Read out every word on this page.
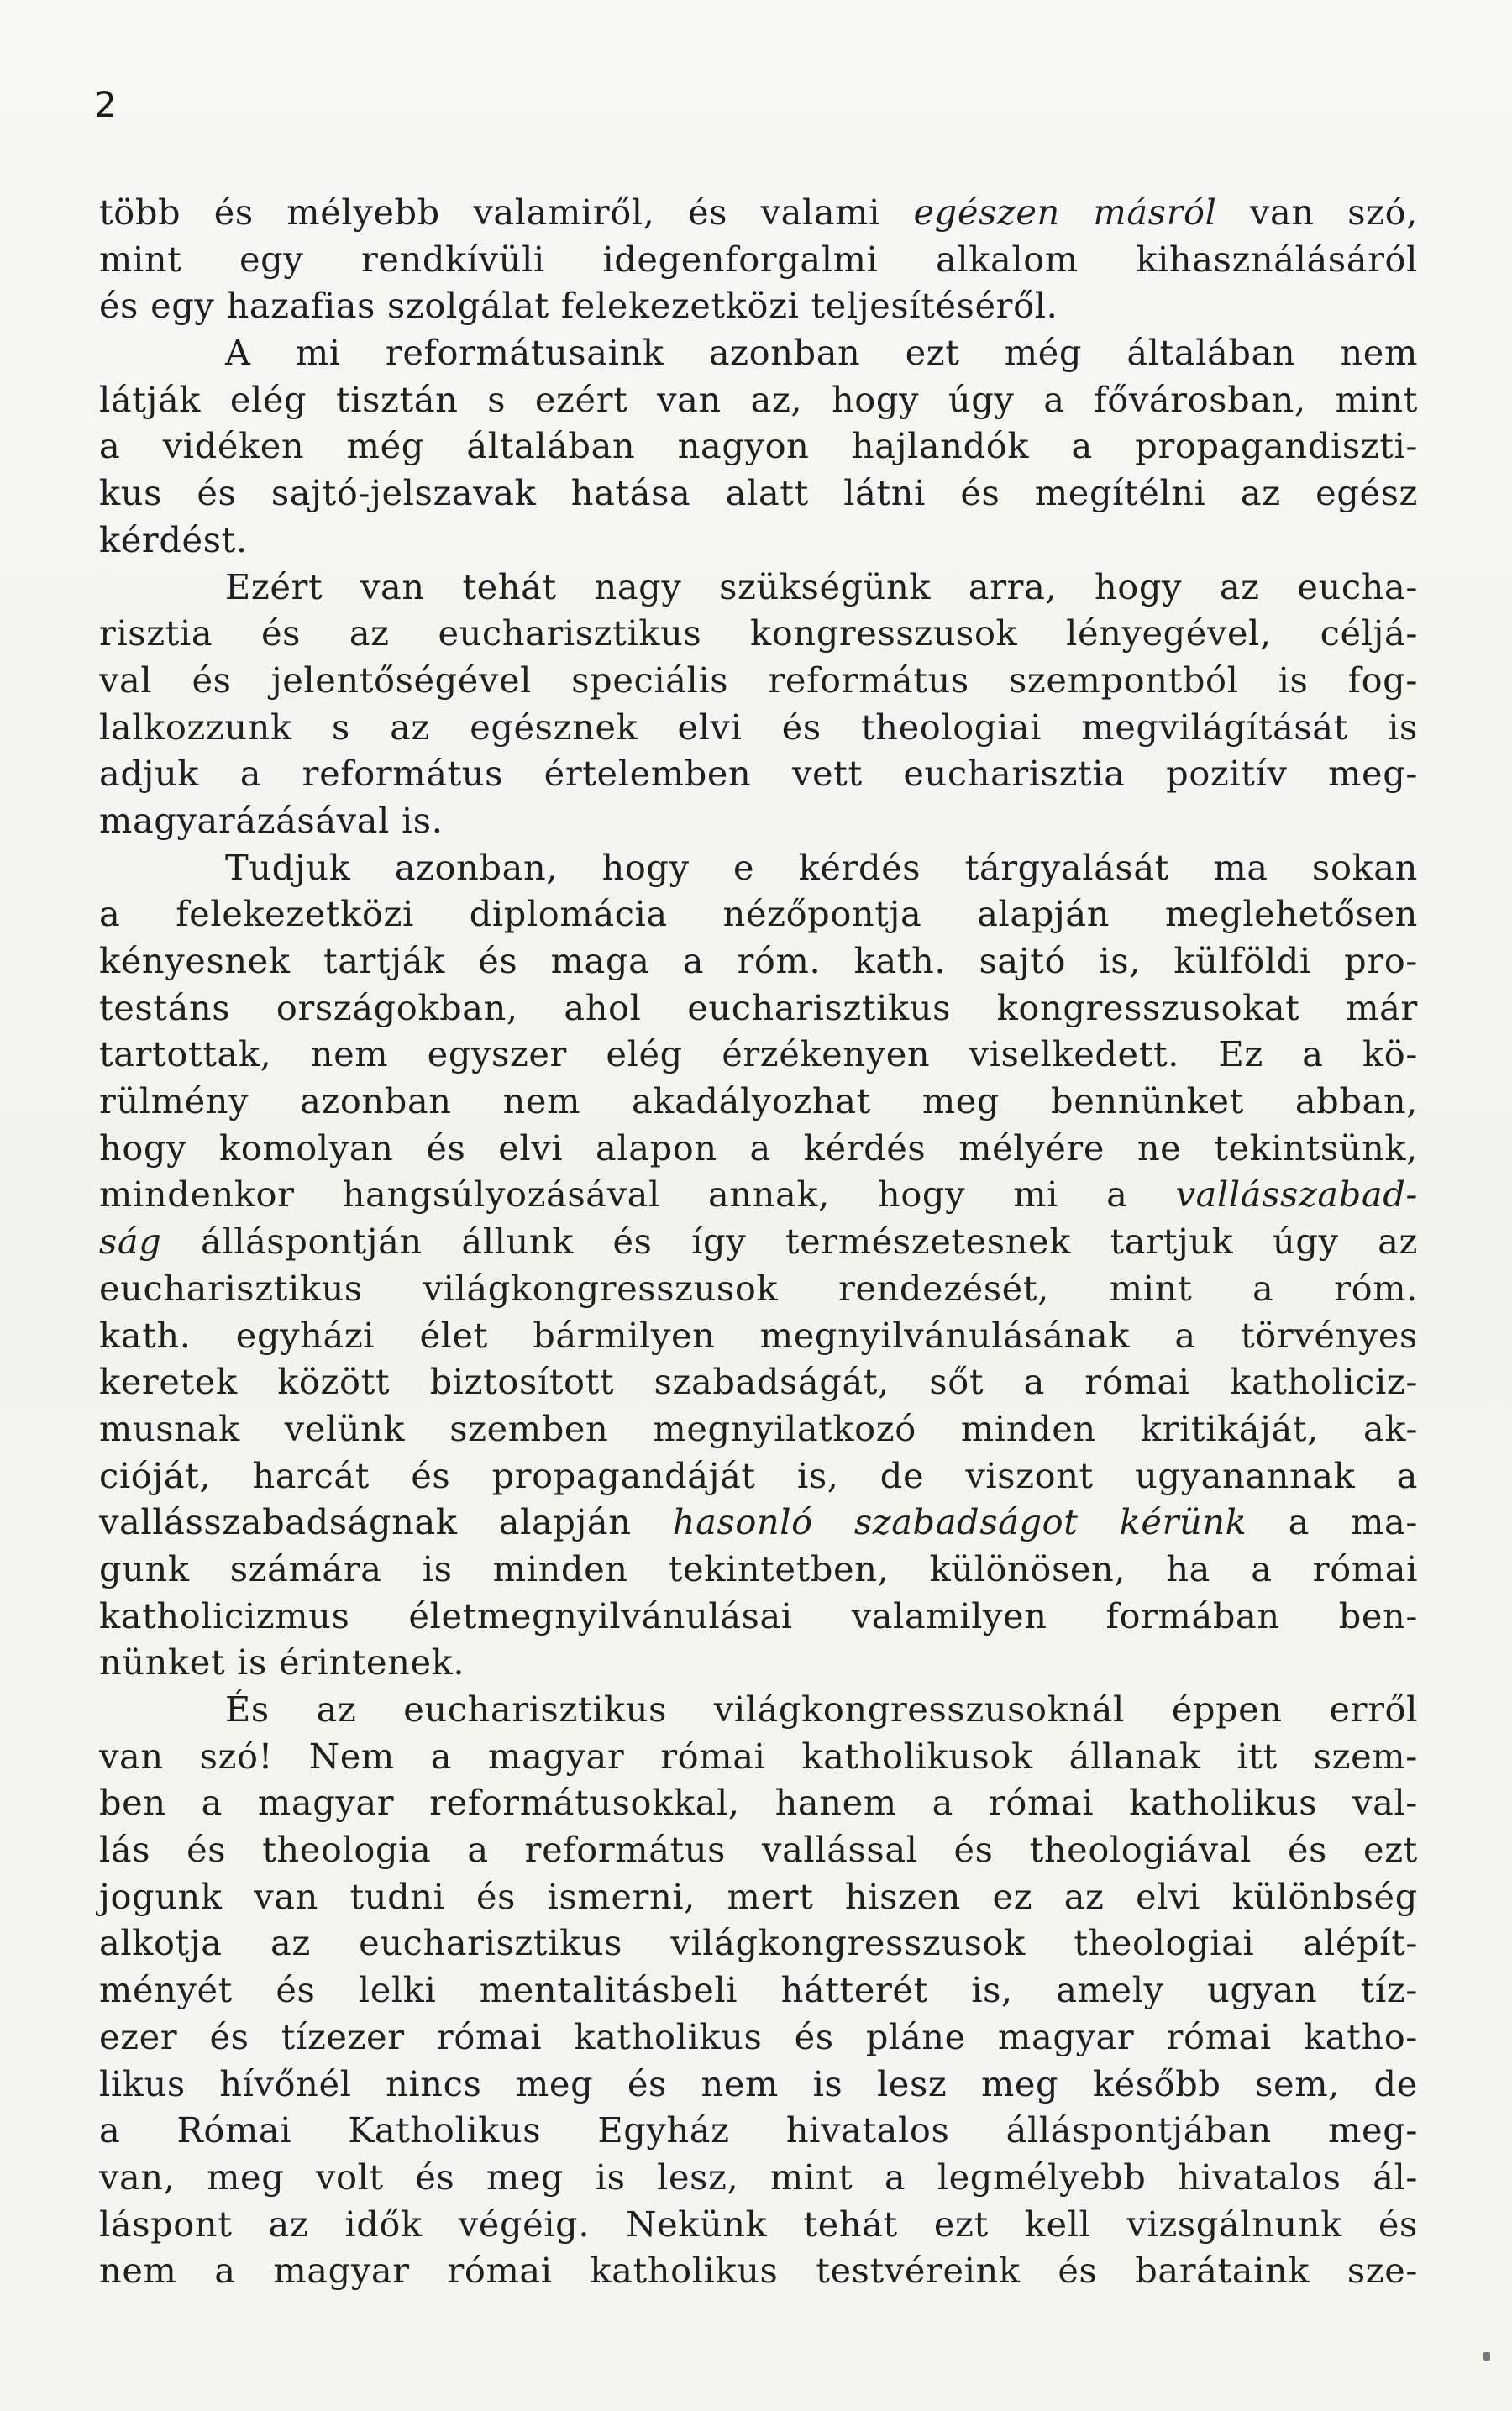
2
több és mélyebb valamiről, és valami egészen másról van szó,
mint egy rendkívüli idegenforgalmi alkalom kihasználásáról
és egy hazafias szolgálat felekezetközi teljesítéséről.
A mi reformátusaink azonban ezt még általában nem
látják elég tisztán s ezért van az, hogy úgy a fővárosban, mint
a vidéken még általában nagyon hajlandók a propagandiszti-
kus és sajtó-jelszavak hatása alatt látni és megítélni az egész
kérdést.
Ezért van tehát nagy szükségünk arra, hogy az eucha-
risztia és az eucharisztikus kongresszusok lényegével, céljá-
val és jelentőségével speciális református szempontból is fog-
lalkozzunk s az egésznek elvi és theologiai megvilágítását is
adjuk a református értelemben vett eucharisztia pozitív meg-
magyarázásával is.
Tudjuk azonban, hogy e kérdés tárgyalását ma sokan
a felekezetközi diplomácia nézőpontja alapján meglehetősen
kényesnek tartják és maga a róm. kath. sajtó is, külföldi pro-
testáns országokban, ahol eucharisztikus kongresszusokat már
tartottak, nem egyszer elég érzékenyen viselkedett. Ez a kö-
rülmény azonban nem akadályozhat meg bennünket abban,
hogy komolyan és elvi alapon a kérdés mélyére ne tekintsünk,
mindenkor hangsúlyozásával annak, hogy mi a vallásszabad-
ság álláspontján állunk és így természetesnek tartjuk úgy az
eucharisztikus világkongresszusok rendezését, mint a róm.
kath. egyházi élet bármilyen megnyilvánulásának a törvényes
keretek között biztosított szabadságát, sőt a római katholiciz-
musnak velünk szemben megnyilatkozó minden kritikáját, ak-
cióját, harcát és propagandáját is, de viszont ugyanannak a
vallásszabadságnak alapján hasonló szabadságot kérünk a ma-
gunk számára is minden tekintetben, különösen, ha a római
katholicizmus életmegnyilvánulásai valamilyen formában ben-
nünket is érintenek.
És az eucharisztikus világkongresszusoknál éppen erről
van szó! Nem a magyar római katholikusok állanak itt szem-
ben a magyar reformátusokkal, hanem a római katholikus val-
lás és theologia a református vallással és theologiával és ezt
jogunk van tudni és ismerni, mert hiszen ez az elvi különbség
alkotja az eucharisztikus világkongresszusok theologiai alépít-
ményét és lelki mentalitásbeli hátterét is, amely ugyan tíz-
ezer és tízezer római katholikus és pláne magyar római katho-
likus hívőnél nincs meg és nem is lesz meg később sem, de
a Római Katholikus Egyház hivatalos álláspontjában meg-
van, meg volt és meg is lesz, mint a legmélyebb hivatalos ál-
láspont az idők végéig. Nekünk tehát ezt kell vizsgálnunk és
nem a magyar római katholikus testvéreink és barátaink sze-
